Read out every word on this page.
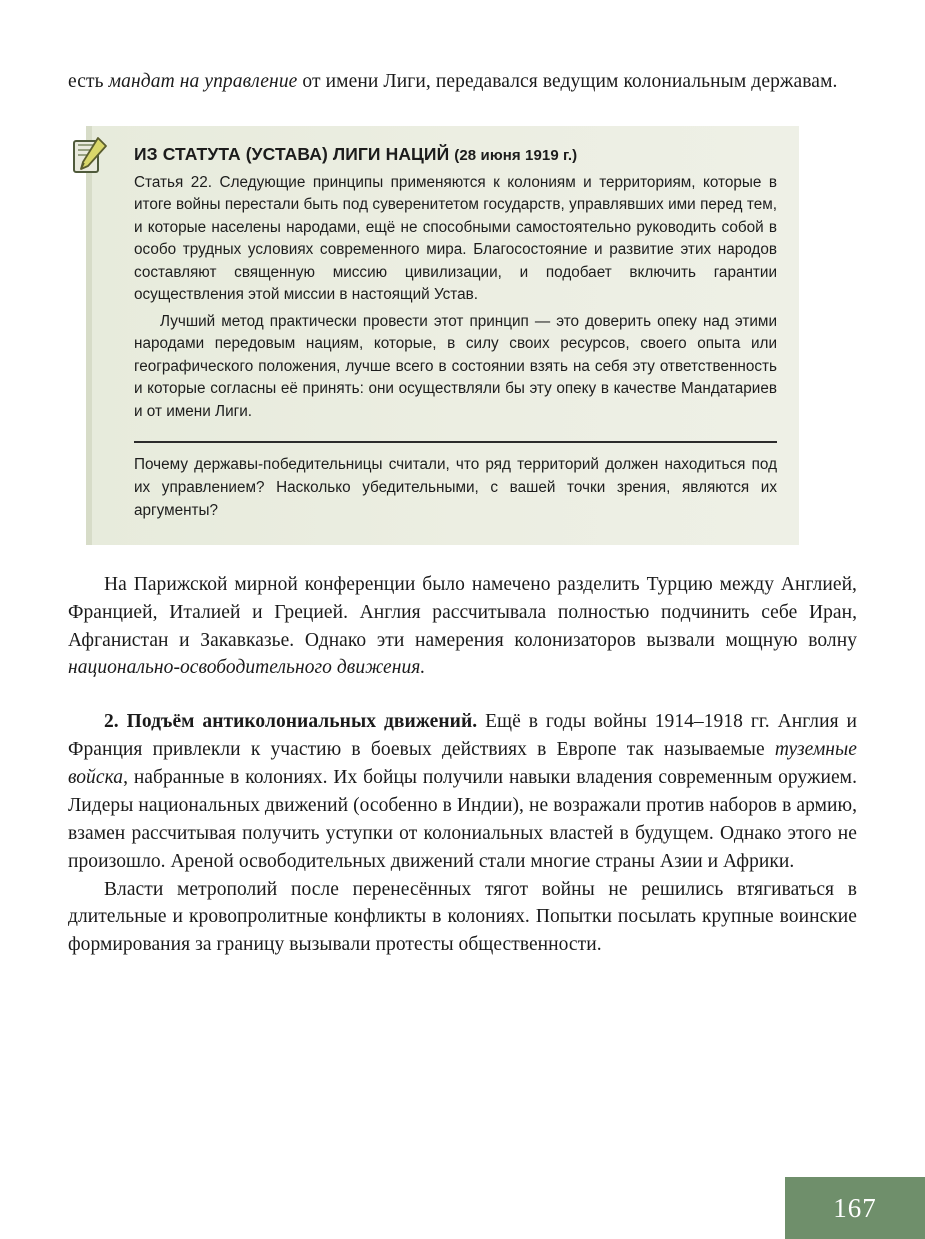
есть мандат на управление от имени Лиги, передавался ведущим колониальным державам.

ИЗ СТАТУТА (УСТАВА) ЛИГИ НАЦИЙ (28 июня 1919 г.)

Статья 22. Следующие принципы применяются к колониям и территориям, которые в итоге войны перестали быть под суверенитетом государств, управлявших ими перед тем, и которые населены народами, ещё не способными самостоятельно руководить собой в особо трудных условиях современного мира. Благосостояние и развитие этих народов составляют священную миссию цивилизации, и подобает включить гарантии осуществления этой миссии в настоящий Устав.

Лучший метод практически провести этот принцип — это доверить опеку над этими народами передовым нациям, которые, в силу своих ресурсов, своего опыта или географического положения, лучше всего в состоянии взять на себя эту ответственность и которые согласны её принять: они осуществляли бы эту опеку в качестве Мандатариев и от имени Лиги.

Почему державы-победительницы считали, что ряд территорий должен находиться под их управлением? Насколько убедительными, с вашей точки зрения, являются их аргументы?

На Парижской мирной конференции было намечено разделить Турцию между Англией, Францией, Италией и Грецией. Англия рассчитывала полностью подчинить себе Иран, Афганистан и Закавказье. Однако эти намерения колонизаторов вызвали мощную волну национально-освободительного движения.

2. Подъём антиколониальных движений. Ещё в годы войны 1914–1918 гг. Англия и Франция привлекли к участию в боевых действиях в Европе так называемые туземные войска, набранные в колониях. Их бойцы получили навыки владения современным оружием. Лидеры национальных движений (особенно в Индии), не возражали против наборов в армию, взамен рассчитывая получить уступки от колониальных властей в будущем. Однако этого не произошло. Ареной освободительных движений стали многие страны Азии и Африки.

Власти метрополий после перенесённых тягот войны не решились втягиваться в длительные и кровопролитные конфликты в колониях. Попытки посылать крупные воинские формирования за границу вызывали протесты общественности.

167
